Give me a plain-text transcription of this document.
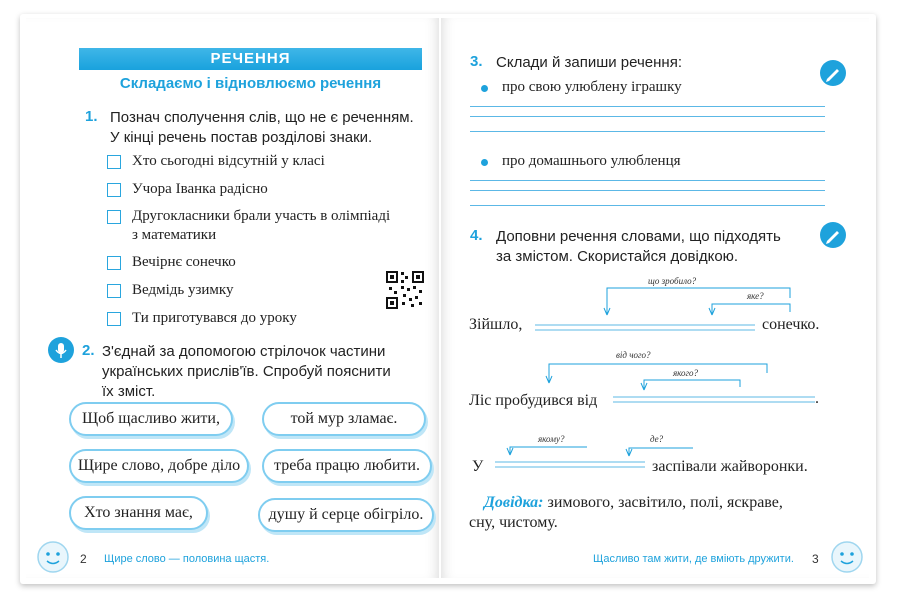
РЕЧЕННЯ
Складаємо і відновлюємо речення
1. Познач сполучення слів, що не є реченням.
У кінці речень постав розділові знаки.
Хто сьогодні відсутній у класі
Учора Іванка радісно
Другокласники брали участь в олімпіаді
з математики
Вечірнє сонечко
Ведмідь узимку
Ти приготувався до уроку
2. З'єднай за допомогою стрілочок частини
українських прислів'їв. Спробуй пояснити
їх зміст.
Щоб щасливо жити,	той мур зламає.
Щире слово, добре діло	треба працю любити.
Хто знання має,	душу й серце обігріло.
2 Щире слово — половина щастя.
3. Склади й запиши речення:
про свою улюблену іграшку
про домашнього улюбленця
4. Доповни речення словами, що підходять
за змістом. Скористайся довідкою.
що зробило?
яке?
Зійшло,	сонечко.
від чого?
якого?
Ліс пробудився від	.
якому?	де?
У	заспівали жайворонки.
Довідка: зимового, засвітило, полі, яскраве,
сну, чистому.
Щасливо там жити, де вміють дружити. 3
